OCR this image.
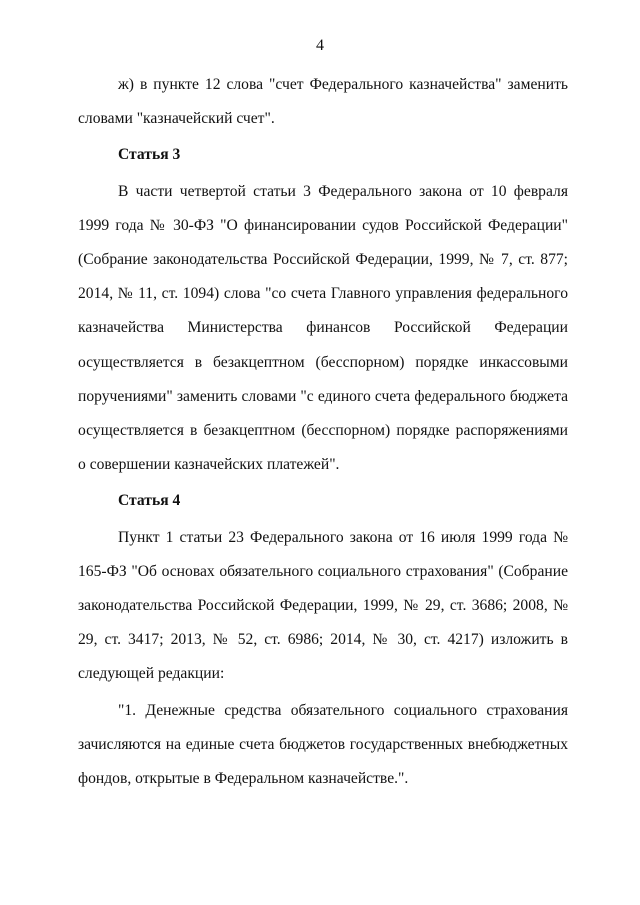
4

ж) в пункте 12 слова "счет Федерального казначейства" заменить словами "казначейский счет".

Статья 3

В части четвертой статьи 3 Федерального закона от 10 февраля 1999 года № 30-ФЗ "О финансировании судов Российской Федерации" (Собрание законодательства Российской Федерации, 1999, № 7, ст. 877; 2014, № 11, ст. 1094) слова "со счета Главного управления федерального казначейства Министерства финансов Российской Федерации осуществляется в безакцептном (бесспорном) порядке инкассовыми поручениями" заменить словами "с единого счета федерального бюджета осуществляется в безакцептном (бесспорном) порядке распоряжениями о совершении казначейских платежей".

Статья 4

Пункт 1 статьи 23 Федерального закона от 16 июля 1999 года № 165-ФЗ "Об основах обязательного социального страхования" (Собрание законодательства Российской Федерации, 1999, № 29, ст. 3686; 2008, № 29, ст. 3417; 2013, № 52, ст. 6986; 2014, № 30, ст. 4217) изложить в следующей редакции:

"1. Денежные средства обязательного социального страхования зачисляются на единые счета бюджетов государственных внебюджетных фондов, открытые в Федеральном казначействе.".
